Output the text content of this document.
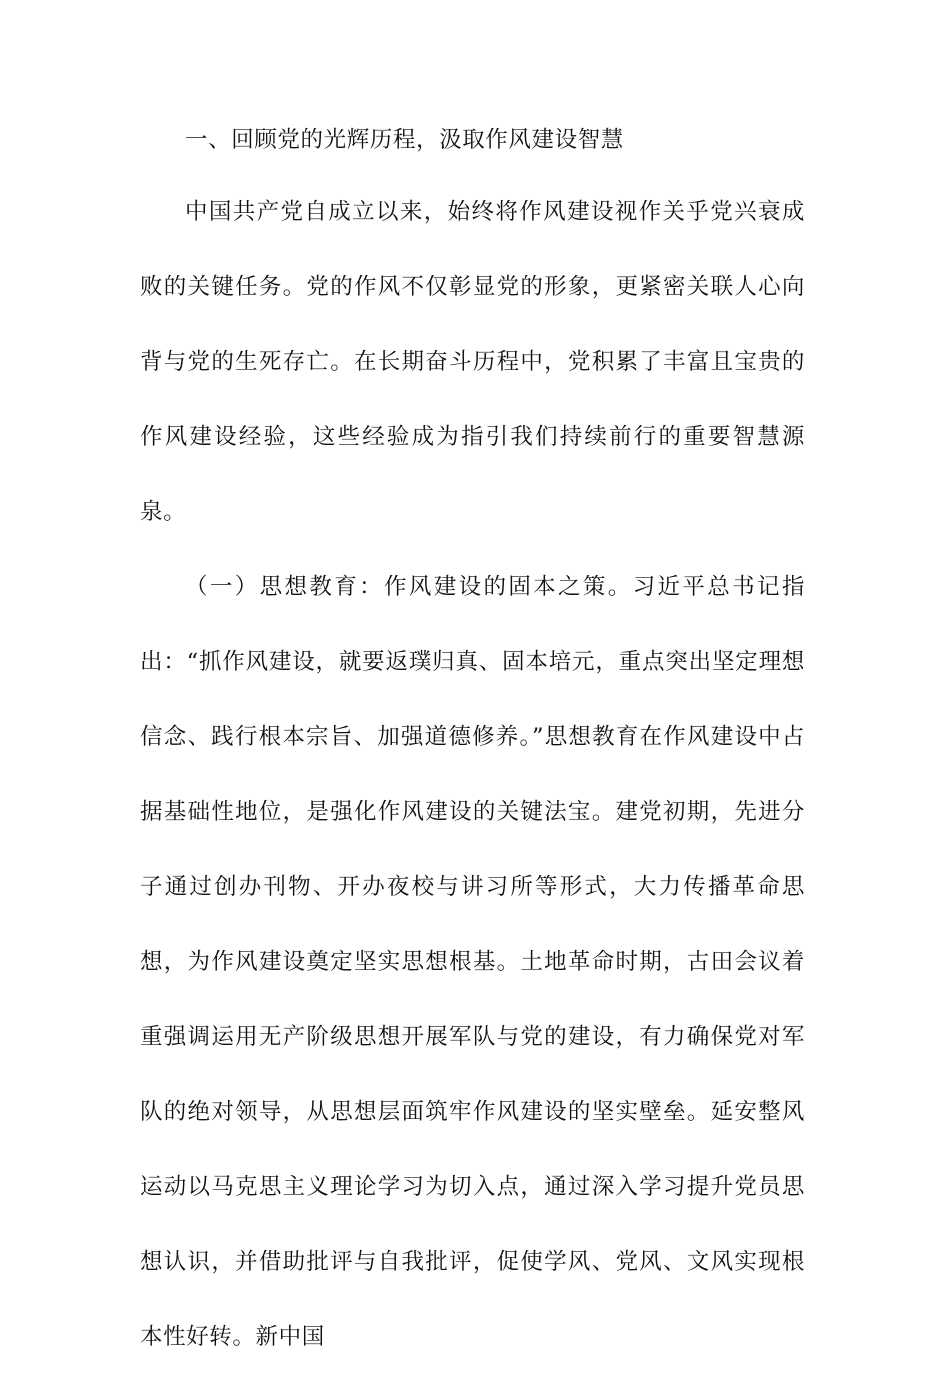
一、回顾党的光辉历程，汲取作风建设智慧

中国共产党自成立以来，始终将作风建设视作关乎党兴衰成败的关键任务。党的作风不仅彰显党的形象，更紧密关联人心向背与党的生死存亡。在长期奋斗历程中，党积累了丰富且宝贵的作风建设经验，这些经验成为指引我们持续前行的重要智慧源泉。

（一）思想教育：作风建设的固本之策。习近平总书记指出：“抓作风建设，就要返璞归真、固本培元，重点突出坚定理想信念、践行根本宗旨、加强道德修养。”思想教育在作风建设中占据基础性地位，是强化作风建设的关键法宝。建党初期，先进分子通过创办刊物、开办夜校与讲习所等形式，大力传播革命思想，为作风建设奠定坚实思想根基。土地革命时期，古田会议着重强调运用无产阶级思想开展军队与党的建设，有力确保党对军队的绝对领导，从思想层面筑牢作风建设的坚实壁垒。延安整风运动以马克思主义理论学习为切入点，通过深入学习提升党员思想认识，并借助批评与自我批评，促使学风、党风、文风实现根本性好转。新中国
